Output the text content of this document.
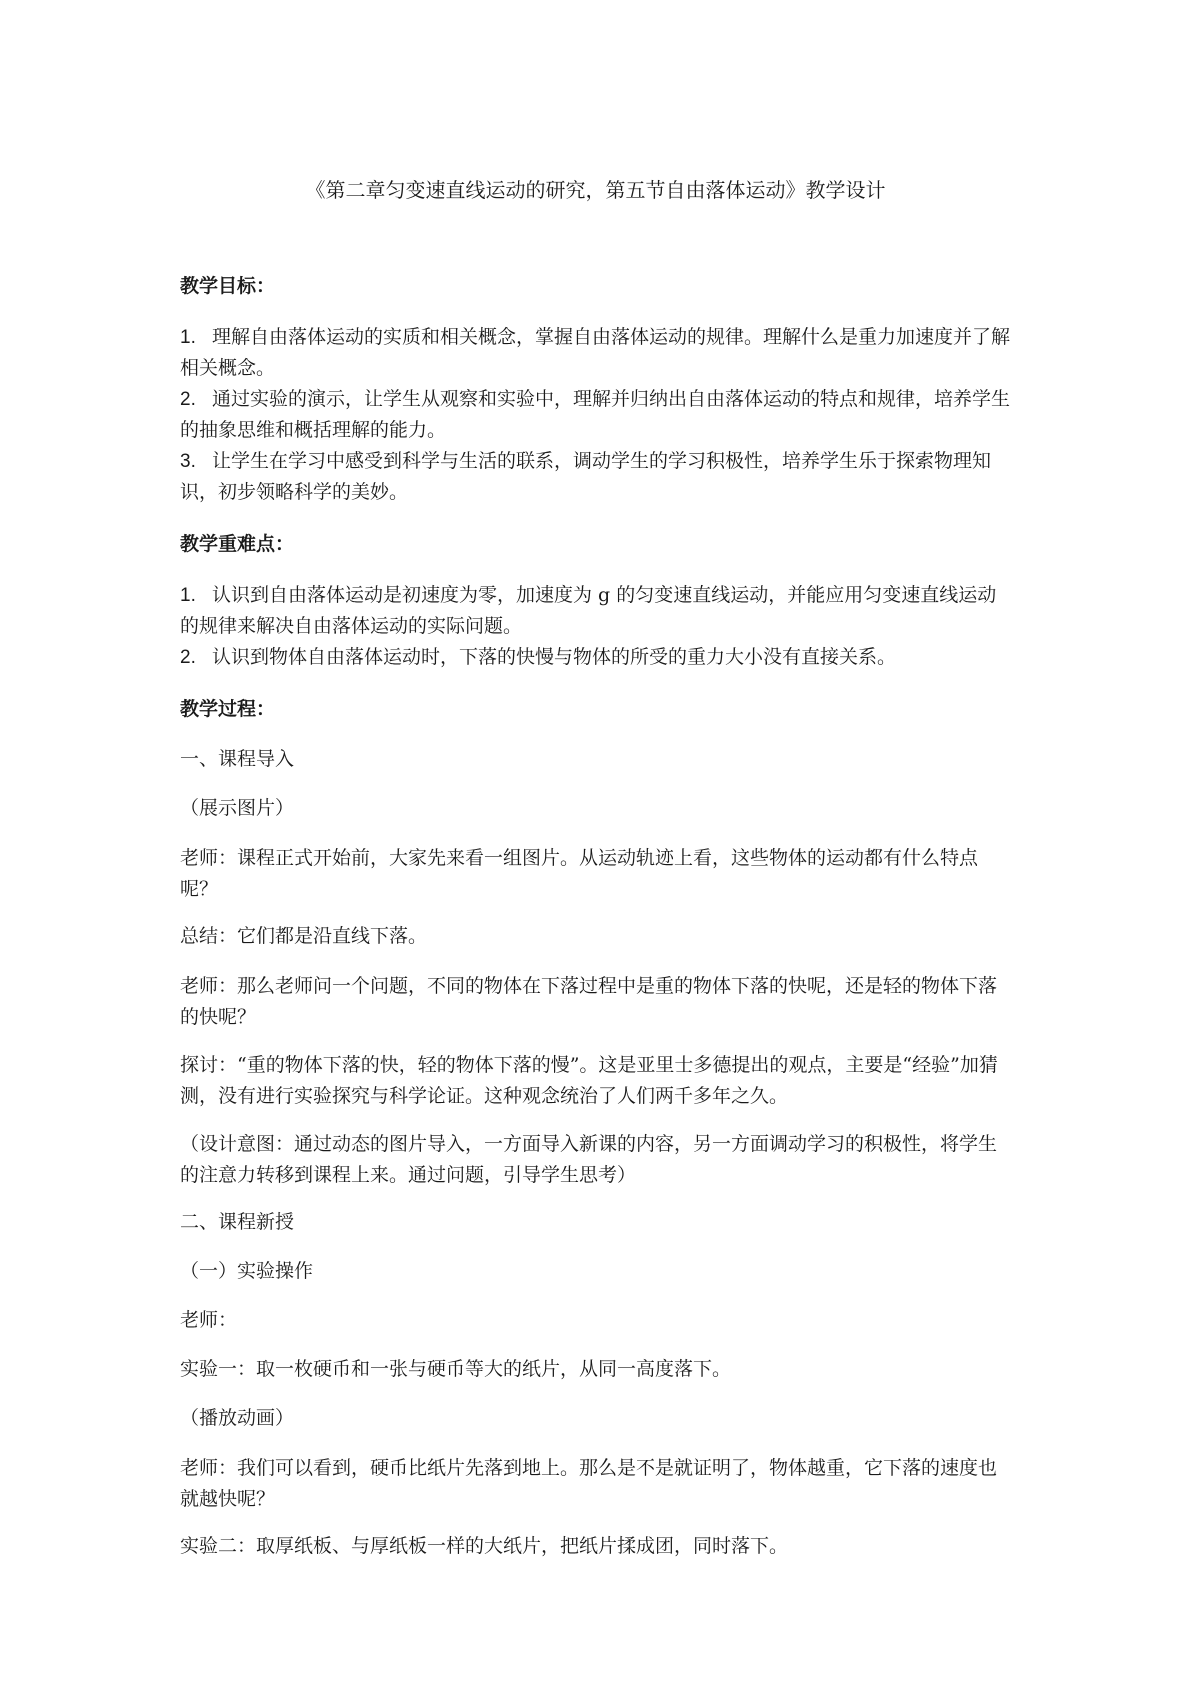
《第二章匀变速直线运动的研究，第五节自由落体运动》教学设计
教学目标：
1. 理解自由落体运动的实质和相关概念，掌握自由落体运动的规律。理解什么是重力加速度并了解相关概念。
2. 通过实验的演示，让学生从观察和实验中，理解并归纳出自由落体运动的特点和规律，培养学生的抽象思维和概括理解的能力。
3. 让学生在学习中感受到科学与生活的联系，调动学生的学习积极性，培养学生乐于探索物理知识，初步领略科学的美妙。
教学重难点：
1. 认识到自由落体运动是初速度为零，加速度为 g 的匀变速直线运动，并能应用匀变速直线运动的规律来解决自由落体运动的实际问题。
2. 认识到物体自由落体运动时，下落的快慢与物体的所受的重力大小没有直接关系。
教学过程：
一、课程导入
（展示图片）
老师：课程正式开始前，大家先来看一组图片。从运动轨迹上看，这些物体的运动都有什么特点呢？
总结：它们都是沿直线下落。
老师：那么老师问一个问题，不同的物体在下落过程中是重的物体下落的快呢，还是轻的物体下落的快呢？
探讨：“重的物体下落的快，轻的物体下落的慢”。这是亚里士多德提出的观点，主要是“经验”加猜测，没有进行实验探究与科学论证。这种观念统治了人们两千多年之久。
（设计意图：通过动态的图片导入，一方面导入新课的内容，另一方面调动学习的积极性，将学生的注意力转移到课程上来。通过问题，引导学生思考）
二、课程新授
（一）实验操作
老师：
实验一：取一枚硬币和一张与硬币等大的纸片，从同一高度落下。
（播放动画）
老师：我们可以看到，硬币比纸片先落到地上。那么是不是就证明了，物体越重，它下落的速度也就越快呢？
实验二：取厚纸板、与厚纸板一样的大纸片，把纸片揉成团，同时落下。
